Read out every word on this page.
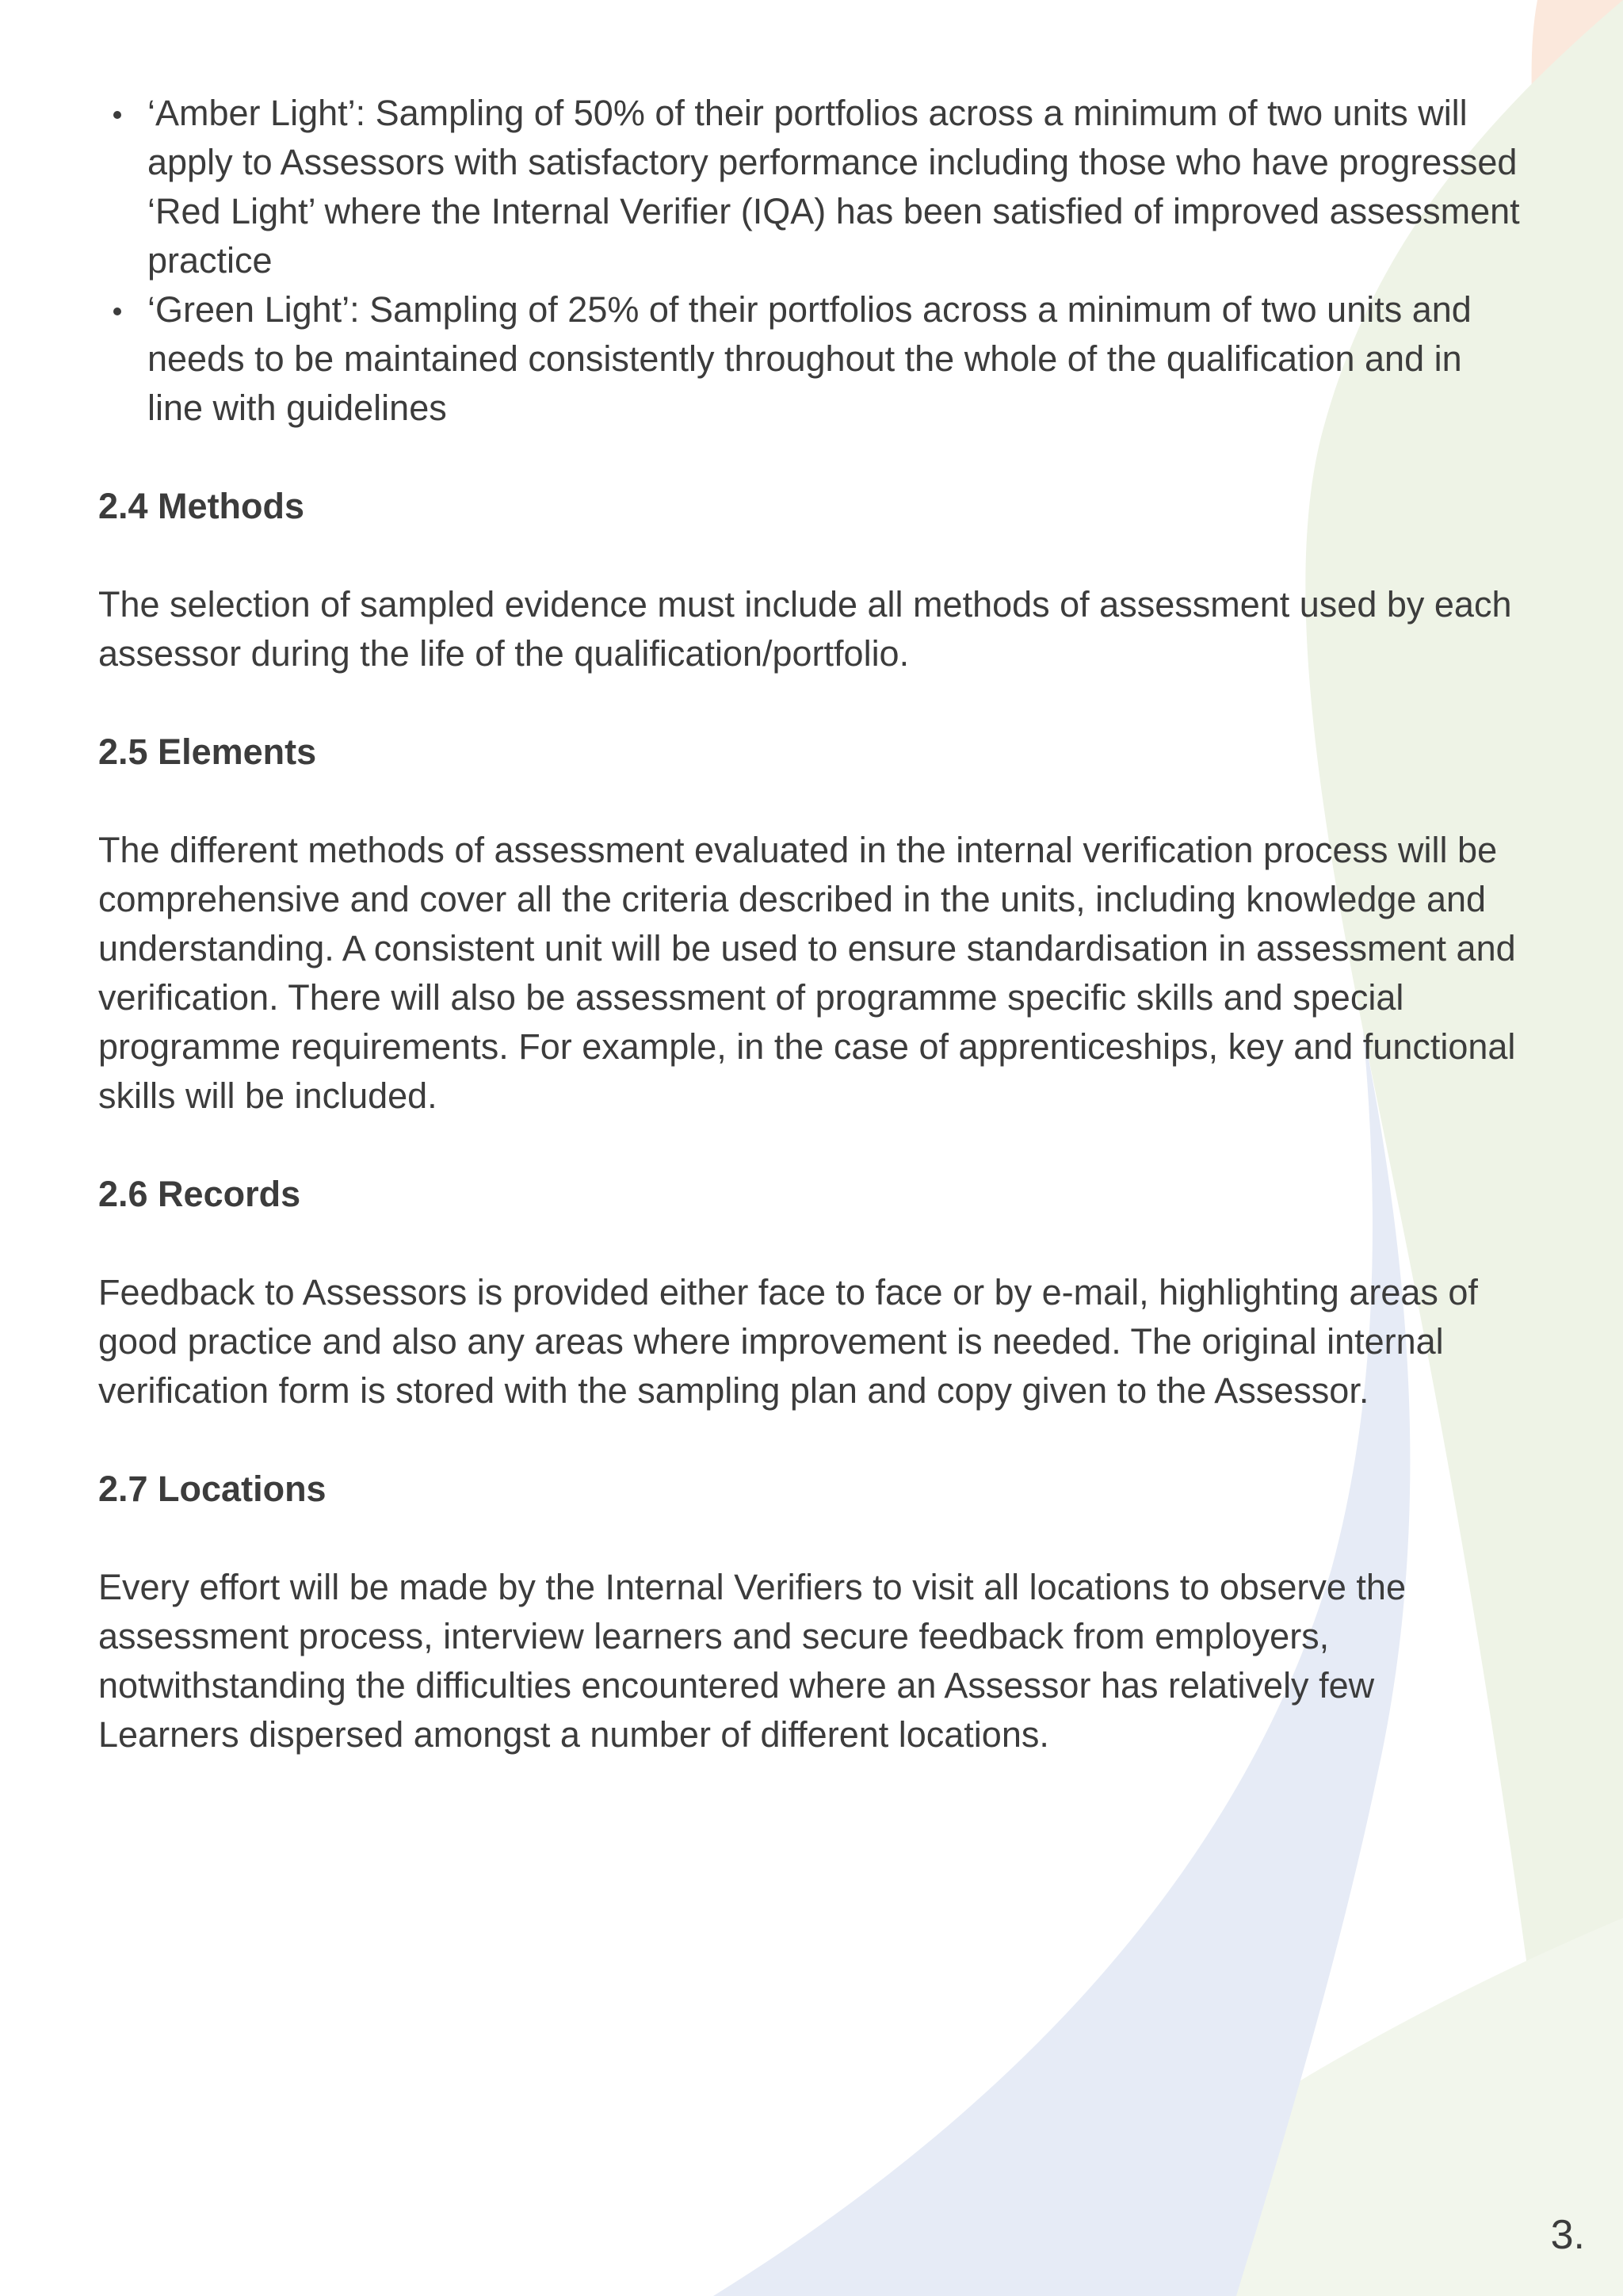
‘Amber Light’: Sampling of 50% of their portfolios across a minimum of two units will apply to Assessors with satisfactory performance including those who have progressed ‘Red Light’ where the Internal Verifier (IQA) has been satisfied of improved assessment practice
‘Green Light’: Sampling of 25% of their portfolios across a minimum of two units and needs to be maintained consistently throughout the whole of the qualification and in line with guidelines
2.4 Methods

The selection of sampled evidence must include all methods of assessment used by each assessor during the life of the qualification/portfolio.

2.5 Elements

The different methods of assessment evaluated in the internal verification process will be comprehensive and cover all the criteria described in the units, including knowledge and understanding. A consistent unit will be used to ensure standardisation in assessment and verification. There will also be assessment of programme specific skills and special programme requirements. For example, in the case of apprenticeships, key and functional skills will be included.

2.6 Records

Feedback to Assessors is provided either face to face or by e-mail, highlighting areas of good practice and also any areas where improvement is needed. The original internal verification form is stored with the sampling plan and copy given to the Assessor.

2.7 Locations

Every effort will be made by the Internal Verifiers to visit all locations to observe the assessment process, interview learners and secure feedback from employers, notwithstanding the difficulties encountered where an Assessor has relatively few Learners dispersed amongst a number of different locations.

3.
